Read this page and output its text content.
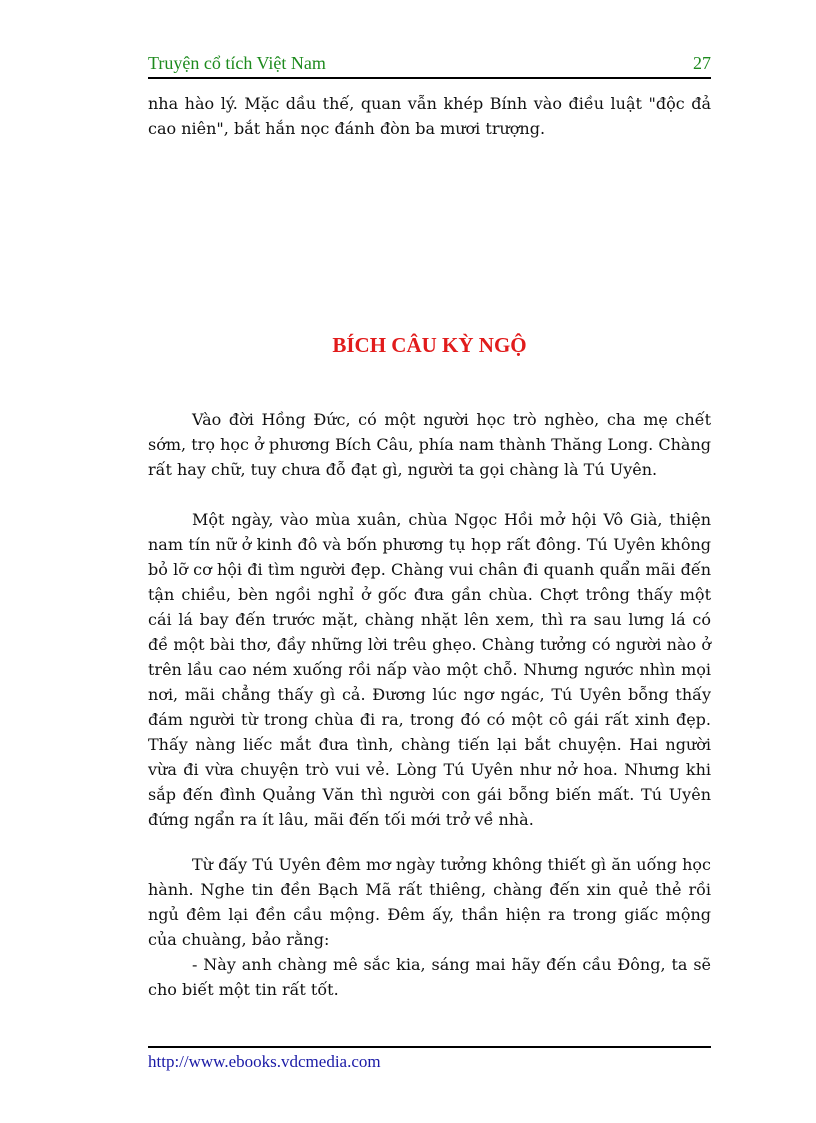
Truyện cổ tích Việt Nam	27

nha hào lý. Mặc dầu thế, quan vẫn khép Bính vào điều luật "độc đả cao niên", bắt hắn nọc đánh đòn ba mươi trượng.

BÍCH CÂU KỲ NGỘ

Vào đời Hồng Đức, có một người học trò nghèo, cha mẹ chết sớm, trọ học ở phương Bích Câu, phía nam thành Thăng Long. Chàng rất hay chữ, tuy chưa đỗ đạt gì, người ta gọi chàng là Tú Uyên.

Một ngày, vào mùa xuân, chùa Ngọc Hồi mở hội Vô Già, thiện nam tín nữ ở kinh đô và bốn phương tụ họp rất đông. Tú Uyên không bỏ lỡ cơ hội đi tìm người đẹp. Chàng vui chân đi quanh quẩn mãi đến tận chiều, bèn ngồi nghỉ ở gốc đưa gần chùa. Chợt trông thấy một cái lá bay đến trước mặt, chàng nhặt lên xem, thì ra sau lưng lá có đề một bài thơ, đầy những lời trêu ghẹo. Chàng tưởng có người nào ở trên lầu cao ném xuống rồi nấp vào một chỗ. Nhưng ngước nhìn mọi nơi, mãi chẳng thấy gì cả. Đương lúc ngơ ngác, Tú Uyên bỗng thấy đám người từ trong chùa đi ra, trong đó có một cô gái rất xinh đẹp. Thấy nàng liếc mắt đưa tình, chàng tiến lại bắt chuyện. Hai người vừa đi vừa chuyện trò vui vẻ. Lòng Tú Uyên như nở hoa. Nhưng khi sắp đến đình Quảng Văn thì người con gái bỗng biến mất. Tú Uyên đứng ngẩn ra ít lâu, mãi đến tối mới trở về nhà.

Từ đấy Tú Uyên đêm mơ ngày tưởng không thiết gì ăn uống học hành. Nghe tin đền Bạch Mã rất thiêng, chàng đến xin quẻ thẻ rồi ngủ đêm lại đền cầu mộng. Đêm ấy, thần hiện ra trong giấc mộng của chuàng, bảo rằng:

- Này anh chàng mê sắc kia, sáng mai hãy đến cầu Đông, ta sẽ cho biết một tin rất tốt.

http://www.ebooks.vdcmedia.com
